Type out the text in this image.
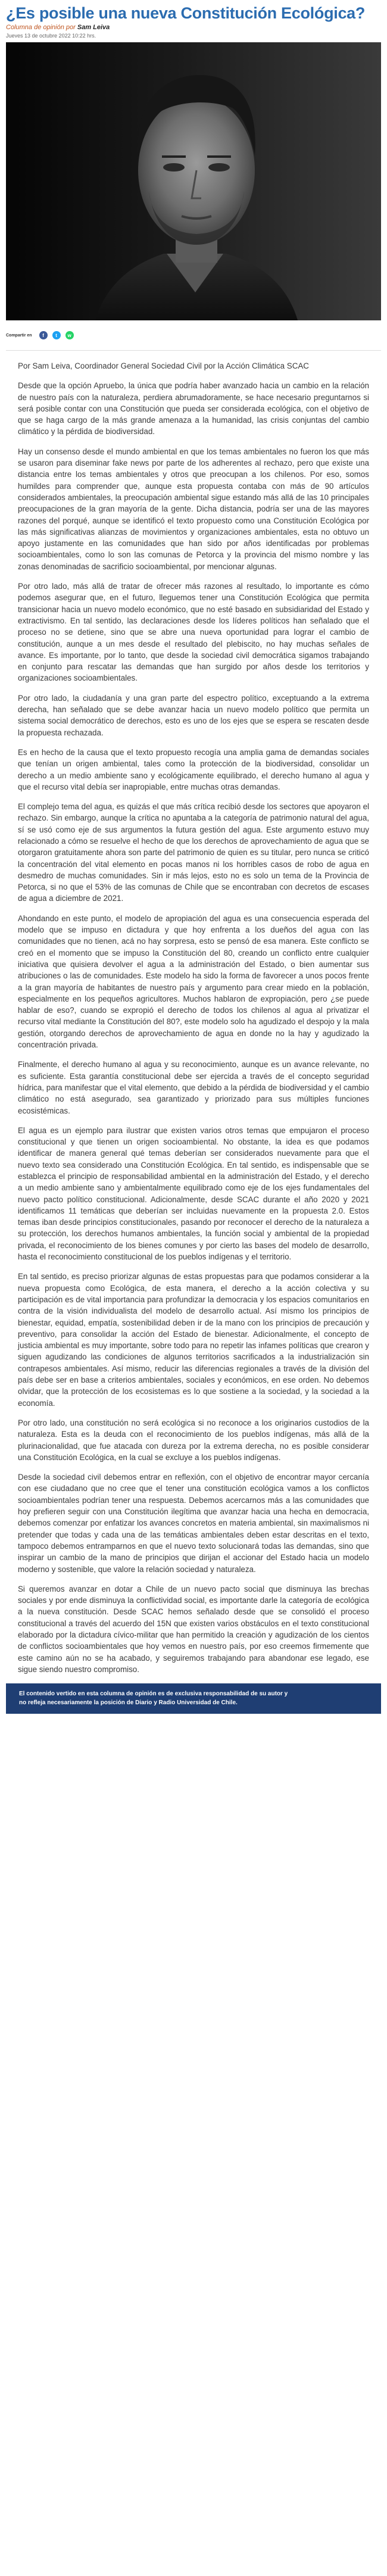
¿Es posible una nueva Constitución Ecológica?
Columna de opinión por Sam Leiva
Jueves 13 de octubre 2022 10:22 hrs.
Compartir en f t w

Por Sam Leiva, Coordinador General Sociedad Civil por la Acción Climática SCAC

Desde que la opción Apruebo, la única que podría haber avanzado hacia un cambio en la relación de nuestro país con la naturaleza, perdiera abrumadoramente, se hace necesario preguntarnos si será posible contar con una Constitución que pueda ser considerada ecológica, con el objetivo de que se haga cargo de la más grande amenaza a la humanidad, las crisis conjuntas del cambio climático y la pérdida de biodiversidad.

Hay un consenso desde el mundo ambiental en que los temas ambientales no fueron los que más se usaron para diseminar fake news por parte de los adherentes al rechazo, pero que existe una distancia entre los temas ambientales y otros que preocupan a los chilenos. Por eso, somos humildes para comprender que, aunque esta propuesta contaba con más de 90 artículos considerados ambientales, la preocupación ambiental sigue estando más allá de las 10 principales preocupaciones de la gran mayoría de la gente. Dicha distancia, podría ser una de las mayores razones del porqué, aunque se identificó el texto propuesto como una Constitución Ecológica por las más significativas alianzas de movimientos y organizaciones ambientales, esta no obtuvo un apoyo justamente en las comunidades que han sido por años identificadas por problemas socioambientales, como lo son las comunas de Petorca y la provincia del mismo nombre y las zonas denominadas de sacrificio socioambiental, por mencionar algunas.

Por otro lado, más allá de tratar de ofrecer más razones al resultado, lo importante es cómo podemos asegurar que, en el futuro, lleguemos tener una Constitución Ecológica que permita transicionar hacia un nuevo modelo económico, que no esté basado en subsidiaridad del Estado y extractivismo. En tal sentido, las declaraciones desde los líderes políticos han señalado que el proceso no se detiene, sino que se abre una nueva oportunidad para lograr el cambio de constitución, aunque a un mes desde el resultado del plebiscito, no hay muchas señales de avance. Es importante, por lo tanto, que desde la sociedad civil democrática sigamos trabajando en conjunto para rescatar las demandas que han surgido por años desde los territorios y organizaciones socioambientales.

Por otro lado, la ciudadanía y una gran parte del espectro político, exceptuando a la extrema derecha, han señalado que se debe avanzar hacia un nuevo modelo político que permita un sistema social democrático de derechos, esto es uno de los ejes que se espera se rescaten desde la propuesta rechazada.

Es en hecho de la causa que el texto propuesto recogía una amplia gama de demandas sociales que tenían un origen ambiental, tales como la protección de la biodiversidad, consolidar un derecho a un medio ambiente sano y ecológicamente equilibrado, el derecho humano al agua y que el recurso vital debía ser inapropiable, entre muchas otras demandas.

El complejo tema del agua, es quizás el que más crítica recibió desde los sectores que apoyaron el rechazo. Sin embargo, aunque la crítica no apuntaba a la categoría de patrimonio natural del agua, sí se usó como eje de sus argumentos la futura gestión del agua. Este argumento estuvo muy relacionado a cómo se resuelve el hecho de que los derechos de aprovechamiento de agua que se otorgaron gratuitamente ahora son parte del patrimonio de quien es su titular, pero nunca se criticó la concentración del vital elemento en pocas manos ni los horribles casos de robo de agua en desmedro de muchas comunidades. Sin ir más lejos, esto no es solo un tema de la Provincia de Petorca, si no que el 53% de las comunas de Chile que se encontraban con decretos de escases de agua a diciembre de 2021.

Ahondando en este punto, el modelo de apropiación del agua es una consecuencia esperada del modelo que se impuso en dictadura y que hoy enfrenta a los dueños del agua con las comunidades que no tienen, acá no hay sorpresa, esto se pensó de esa manera. Este conflicto se creó en el momento que se impuso la Constitución del 80, creando un conflicto entre cualquier iniciativa que quisiera devolver el agua a la administración del Estado, o bien aumentar sus atribuciones o las de comunidades. Este modelo ha sido la forma de favorecer a unos pocos frente a la gran mayoría de habitantes de nuestro país y argumento para crear miedo en la población, especialmente en los pequeños agricultores. Muchos hablaron de expropiación, pero ¿se puede hablar de eso?, cuando se expropió el derecho de todos los chilenos al agua al privatizar el recurso vital mediante la Constitución del 80?, este modelo solo ha agudizado el despojo y la mala gestión, otorgando derechos de aprovechamiento de agua en donde no la hay y agudizado la concentración privada.

Finalmente, el derecho humano al agua y su reconocimiento, aunque es un avance relevante, no es suficiente. Esta garantía constitucional debe ser ejercida a través de el concepto seguridad hídrica, para manifestar que el vital elemento, que debido a la pérdida de biodiversidad y el cambio climático no está asegurado, sea garantizado y priorizado para sus múltiples funciones ecosistémicas.

El agua es un ejemplo para ilustrar que existen varios otros temas que empujaron el proceso constitucional y que tienen un origen socioambiental. No obstante, la idea es que podamos identificar de manera general qué temas deberían ser considerados nuevamente para que el nuevo texto sea considerado una Constitución Ecológica. En tal sentido, es indispensable que se establezca el principio de responsabilidad ambiental en la administración del Estado, y el derecho a un medio ambiente sano y ambientalmente equilibrado como eje de los ejes fundamentales del nuevo pacto político constitucional. Adicionalmente, desde SCAC durante el año 2020 y 2021 identificamos 11 temáticas que deberían ser incluidas nuevamente en la propuesta 2.0. Estos temas iban desde principios constitucionales, pasando por reconocer el derecho de la naturaleza a su protección, los derechos humanos ambientales, la función social y ambiental de la propiedad privada, el reconocimiento de los bienes comunes y por cierto las bases del modelo de desarrollo, hasta el reconocimiento constitucional de los pueblos indígenas y el territorio.

En tal sentido, es preciso priorizar algunas de estas propuestas para que podamos considerar a la nueva propuesta como Ecológica, de esta manera, el derecho a la acción colectiva y su participación es de vital importancia para profundizar la democracia y los espacios comunitarios en contra de la visión individualista del modelo de desarrollo actual. Así mismo los principios de bienestar, equidad, empatía, sostenibilidad deben ir de la mano con los principios de precaución y preventivo, para consolidar la acción del Estado de bienestar. Adicionalmente, el concepto de justicia ambiental es muy importante, sobre todo para no repetir las infames políticas que crearon y siguen agudizando las condiciones de algunos territorios sacrificados a la industrialización sin contrapesos ambientales. Así mismo, reducir las diferencias regionales a través de la división del país debe ser en base a criterios ambientales, sociales y económicos, en ese orden. No debemos olvidar, que la protección de los ecosistemas es lo que sostiene a la sociedad, y la sociedad a la economía.

Por otro lado, una constitución no será ecológica si no reconoce a los originarios custodios de la naturaleza. Esta es la deuda con el reconocimiento de los pueblos indígenas, más allá de la plurinacionalidad, que fue atacada con dureza por la extrema derecha, no es posible considerar una Constitución Ecológica, en la cual se excluye a los pueblos indígenas.

Desde la sociedad civil debemos entrar en reflexión, con el objetivo de encontrar mayor cercanía con ese ciudadano que no cree que el tener una constitución ecológica vamos a los conflictos socioambientales podrían tener una respuesta. Debemos acercarnos más a las comunidades que hoy prefieren seguir con una Constitución ilegítima que avanzar hacia una hecha en democracia, debemos comenzar por enfatizar los avances concretos en materia ambiental, sin maximalismos ni pretender que todas y cada una de las temáticas ambientales deben estar descritas en el texto, tampoco debemos entramparnos en que el nuevo texto solucionará todas las demandas, sino que inspirar un cambio de la mano de principios que dirijan el accionar del Estado hacia un modelo moderno y sostenible, que valore la relación sociedad y naturaleza.

Si queremos avanzar en dotar a Chile de un nuevo pacto social que disminuya las brechas sociales y por ende disminuya la conflictividad social, es importante darle la categoría de ecológica a la nueva constitución. Desde SCAC hemos señalado desde que se consolidó el proceso constitucional a través del acuerdo del 15N que existen varios obstáculos en el texto constitucional elaborado por la dictadura cívico-militar que han permitido la creación y agudización de los cientos de conflictos socioambientales que hoy vemos en nuestro país, por eso creemos firmemente que este camino aún no se ha acabado, y seguiremos trabajando para abandonar ese legado, ese sigue siendo nuestro compromiso.

El contenido vertido en esta columna de opinión es de exclusiva responsabilidad de su autor y
no refleja necesariamente la posición de Diario y Radio Universidad de Chile.
